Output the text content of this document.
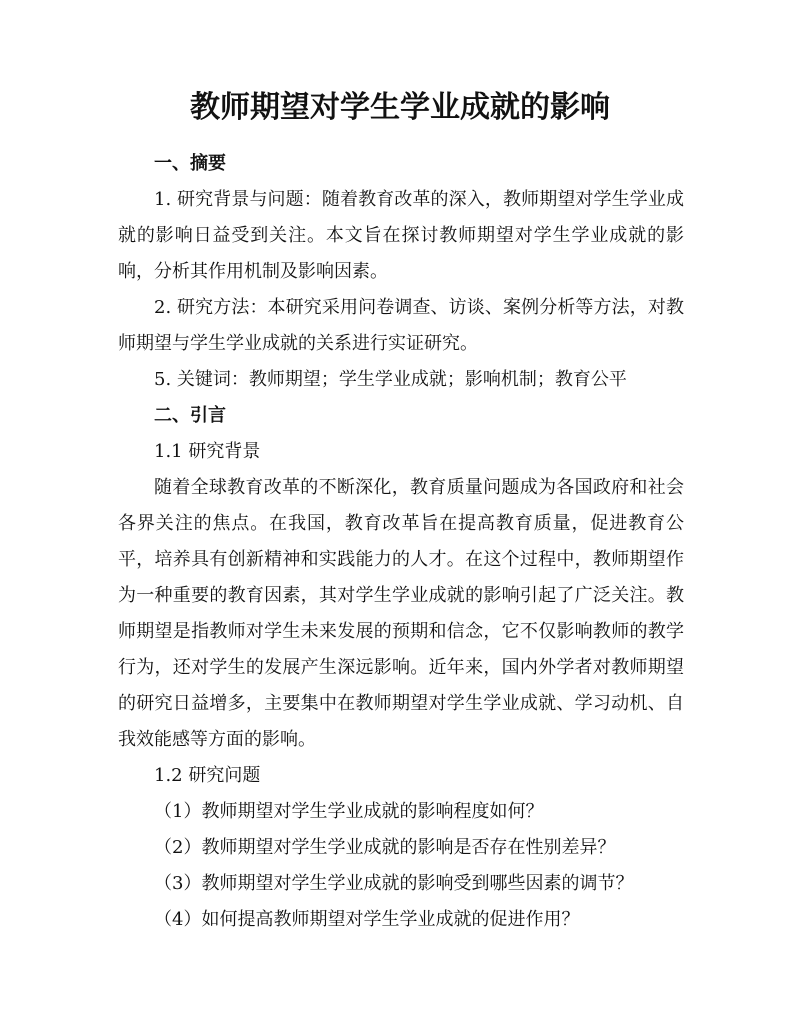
教师期望对学生学业成就的影响

一、摘要

1. 研究背景与问题：随着教育改革的深入，教师期望对学生学业成就的影响日益受到关注。本文旨在探讨教师期望对学生学业成就的影响，分析其作用机制及影响因素。

2. 研究方法：本研究采用问卷调查、访谈、案例分析等方法，对教师期望与学生学业成就的关系进行实证研究。

5. 关键词：教师期望；学生学业成就；影响机制；教育公平

二、引言

1.1 研究背景

随着全球教育改革的不断深化，教育质量问题成为各国政府和社会各界关注的焦点。在我国，教育改革旨在提高教育质量，促进教育公平，培养具有创新精神和实践能力的人才。在这个过程中，教师期望作为一种重要的教育因素，其对学生学业成就的影响引起了广泛关注。教师期望是指教师对学生未来发展的预期和信念，它不仅影响教师的教学行为，还对学生的发展产生深远影响。近年来，国内外学者对教师期望的研究日益增多，主要集中在教师期望对学生学业成就、学习动机、自我效能感等方面的影响。

1.2 研究问题

（1）教师期望对学生学业成就的影响程度如何？

（2）教师期望对学生学业成就的影响是否存在性别差异？

（3）教师期望对学生学业成就的影响受到哪些因素的调节？

（4）如何提高教师期望对学生学业成就的促进作用？
